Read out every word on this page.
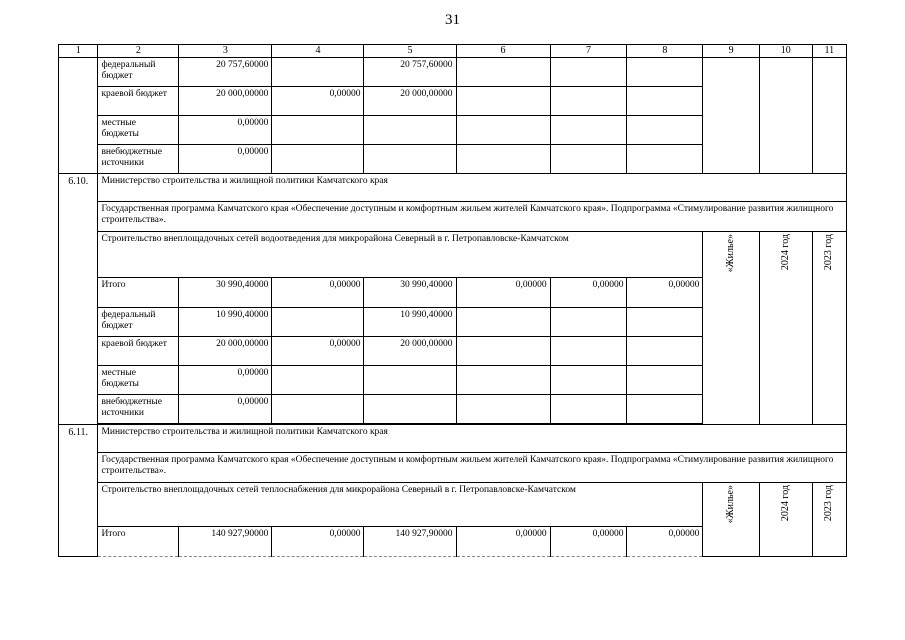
31
1	2	3	4	5	6	7	8	9	10	11
	федеральный бюджет	20 757,60000		20 757,60000						
	краевой бюджет	20 000,00000	0,00000	20 000,00000						
	местные бюджеты	0,00000								
	внебюджетные источники	0,00000								
6.10.	Министерство строительства и жилищной политики Камчатского края									
	Государственная программа Камчатского края «Обеспечение доступным и комфортным жильем жителей Камчатского края». Подпрограмма «Стимулирование развития жилищного строительства».									
	Строительство внеплощадочных сетей водоотведения для микрорайона Северный в г. Петропавловске-Камчатском							«Жилье»	2024 год	2023 год
	Итого	30 990,40000	0,00000	30 990,40000	0,00000	0,00000	0,00000			
	федеральный бюджет	10 990,40000		10 990,40000						
	краевой бюджет	20 000,00000	0,00000	20 000,00000						
	местные бюджеты	0,00000								
	внебюджетные источники	0,00000								

6.11.	Министерство строительства и жилищной политики Камчатского края									
	Государственная программа Камчатского края «Обеспечение доступным и комфортным жильем жителей Камчатского края». Подпрограмма «Стимулирование развития жилищного строительства».									
	Строительство внеплощадочных сетей теплоснабжения для микрорайона Северный в г. Петропавловске-Камчатском							«Жилье»	2024 год	2023 год
	Итого	140 927,90000	0,00000	140 927,90000	0,00000	0,00000	0,00000			
